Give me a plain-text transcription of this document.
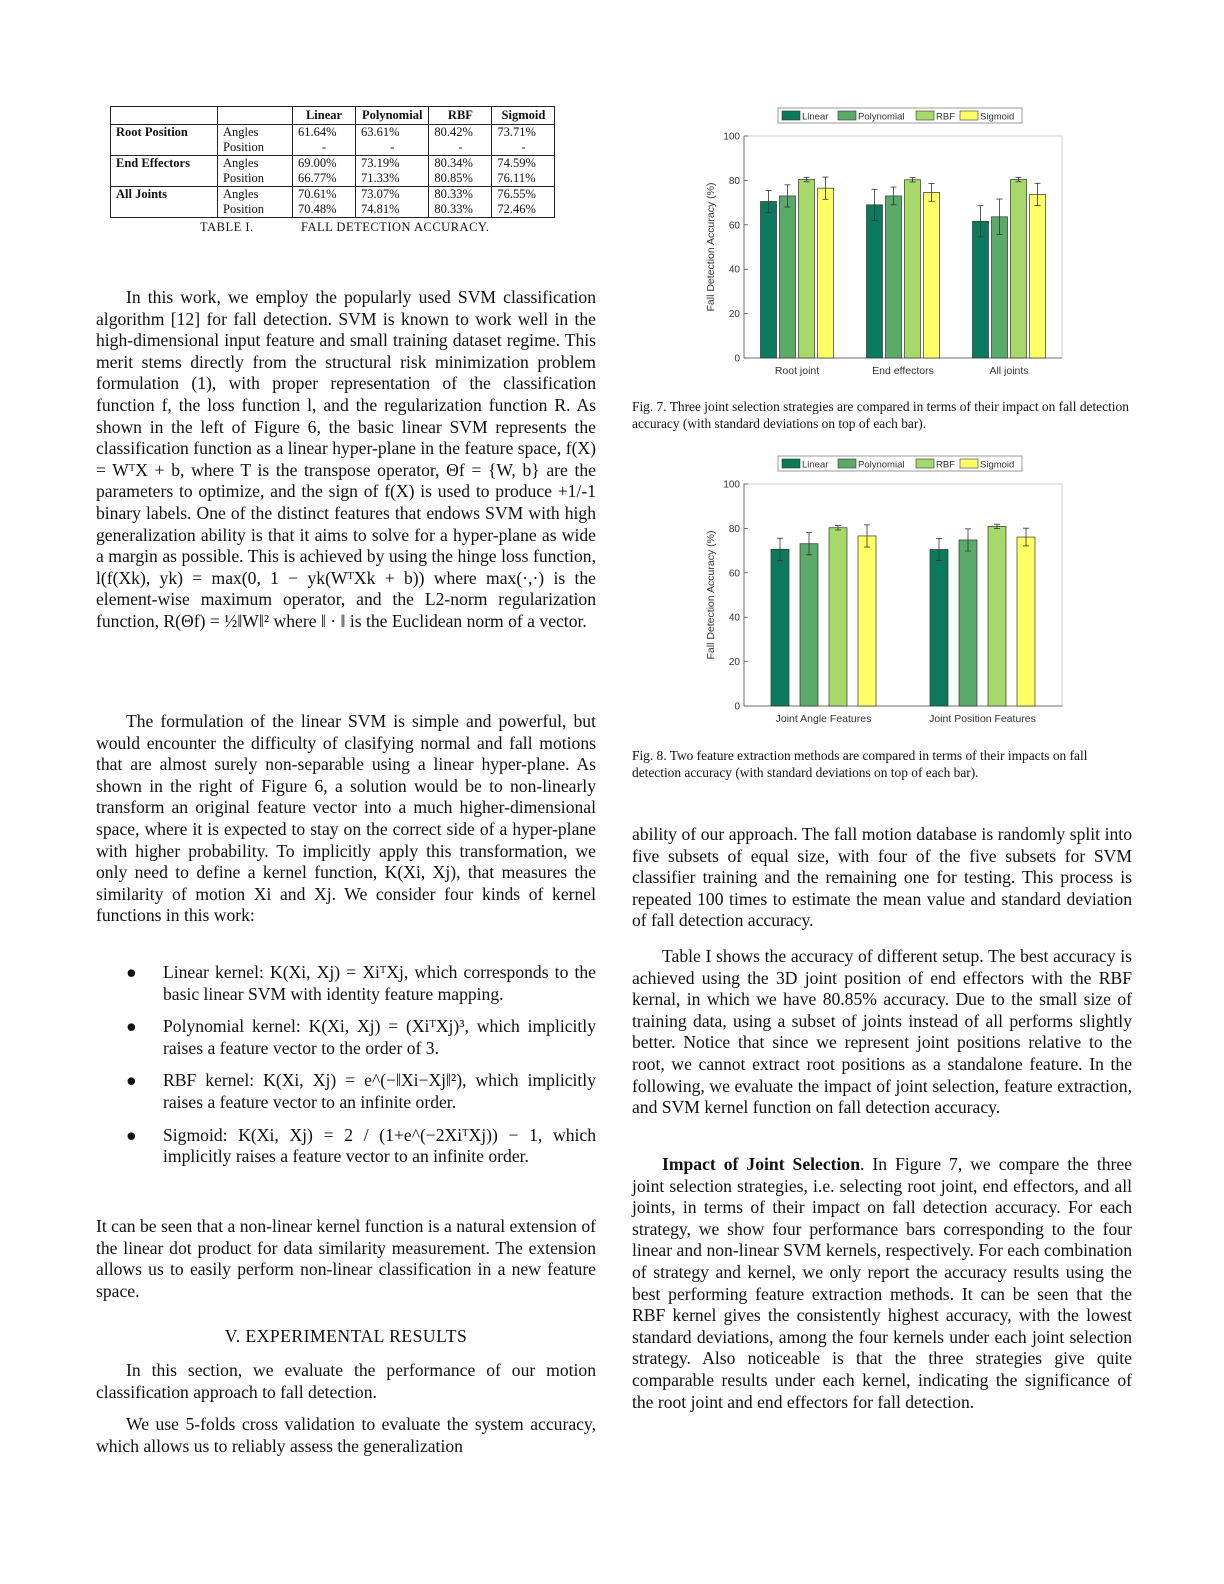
		Linear	Polynomial	RBF	Sigmoid
Root Position	Angles	61.64%	63.61%	80.42%	73.71%
	Position	-	-	-	-
End Effectors	Angles	69.00%	73.19%	80.34%	74.59%
	Position	66.77%	71.33%	80.85%	76.11%
All Joints	Angles	70.61%	73.07%	80.33%	76.55%
	Position	70.48%	74.81%	80.33%	72.46%
TABLE I.	FALL DETECTION ACCURACY.

In this work, we employ the popularly used SVM classification algorithm [12] for fall detection. SVM is known to work well in the high-dimensional input feature and small training dataset regime. This merit stems directly from the structural risk minimization problem formulation (1), with proper representation of the classification function f, the loss function l, and the regularization function R. As shown in the left of Figure 6, the basic linear SVM represents the classification function as a linear hyper-plane in the feature space, f(X) = WᵀX + b, where T is the transpose operator, Θf = {W, b} are the parameters to optimize, and the sign of f(X) is used to produce +1/-1 binary labels. One of the distinct features that endows SVM with high generalization ability is that it aims to solve for a hyper-plane as wide a margin as possible. This is achieved by using the hinge loss function, l(f(Xk), yk) = max(0, 1 − yk(WᵀXk + b)) where max(·,·) is the element-wise maximum operator, and the L2-norm regularization function, R(Θf) = ½‖W‖² where ‖ · ‖ is the Euclidean norm of a vector.

The formulation of the linear SVM is simple and powerful, but would encounter the difficulty of clasifying normal and fall motions that are almost surely non-separable using a linear hyper-plane. As shown in the right of Figure 6, a solution would be to non-linearly transform an original feature vector into a much higher-dimensional space, where it is expected to stay on the correct side of a hyper-plane with higher probability. To implicitly apply this transformation, we only need to define a kernel function, K(Xi, Xj), that measures the similarity of motion Xi and Xj. We consider four kinds of kernel functions in this work:

● Linear kernel: K(Xi, Xj) = XiᵀXj, which corresponds to the basic linear SVM with identity feature mapping.
● Polynomial kernel: K(Xi, Xj) = (XiᵀXj)³, which implicitly raises a feature vector to the order of 3.
● RBF kernel: K(Xi, Xj) = e^(−‖Xi−Xj‖²), which implicitly raises a feature vector to an infinite order.
● Sigmoid: K(Xi, Xj) = 2 / (1+e^(−2XiᵀXj)) − 1, which implicitly raises a feature vector to an infinite order.

It can be seen that a non-linear kernel function is a natural extension of the linear dot product for data similarity measurement. The extension allows us to easily perform non-linear classification in a new feature space.

V. EXPERIMENTAL RESULTS

In this section, we evaluate the performance of our motion classification approach to fall detection.

We use 5-folds cross validation to evaluate the system accuracy, which allows us to reliably assess the generalization

Linear	Polynomial	RBF	Sigmoid
0
20
40
60
80
100
Fall Detection Accuracy (%)
Root joint	End effectors	All joints

Fig. 7. Three joint selection strategies are compared in terms of their impact on fall detection accuracy (with standard deviations on top of each bar).

Linear	Polynomial	RBF	Sigmoid
0
20
40
60
80
100
Fall Detection Accuracy (%)
Joint Angle Features	Joint Position Features

Fig. 8. Two feature extraction methods are compared in terms of their impacts on fall detection accuracy (with standard deviations on top of each bar).

ability of our approach. The fall motion database is randomly split into five subsets of equal size, with four of the five subsets for SVM classifier training and the remaining one for testing. This process is repeated 100 times to estimate the mean value and standard deviation of fall detection accuracy.

Table I shows the accuracy of different setup. The best accuracy is achieved using the 3D joint position of end effectors with the RBF kernal, in which we have 80.85% accuracy. Due to the small size of training data, using a subset of joints instead of all performs slightly better. Notice that since we represent joint positions relative to the root, we cannot extract root positions as a standalone feature. In the following, we evaluate the impact of joint selection, feature extraction, and SVM kernel function on fall detection accuracy.

Impact of Joint Selection. In Figure 7, we compare the three joint selection strategies, i.e. selecting root joint, end effectors, and all joints, in terms of their impact on fall detection accuracy. For each strategy, we show four performance bars corresponding to the four linear and non-linear SVM kernels, respectively. For each combination of strategy and kernel, we only report the accuracy results using the best performing feature extraction methods. It can be seen that the RBF kernel gives the consistently highest accuracy, with the lowest standard deviations, among the four kernels under each joint selection strategy. Also noticeable is that the three strategies give quite comparable results under each kernel, indicating the significance of the root joint and end effectors for fall detection.
